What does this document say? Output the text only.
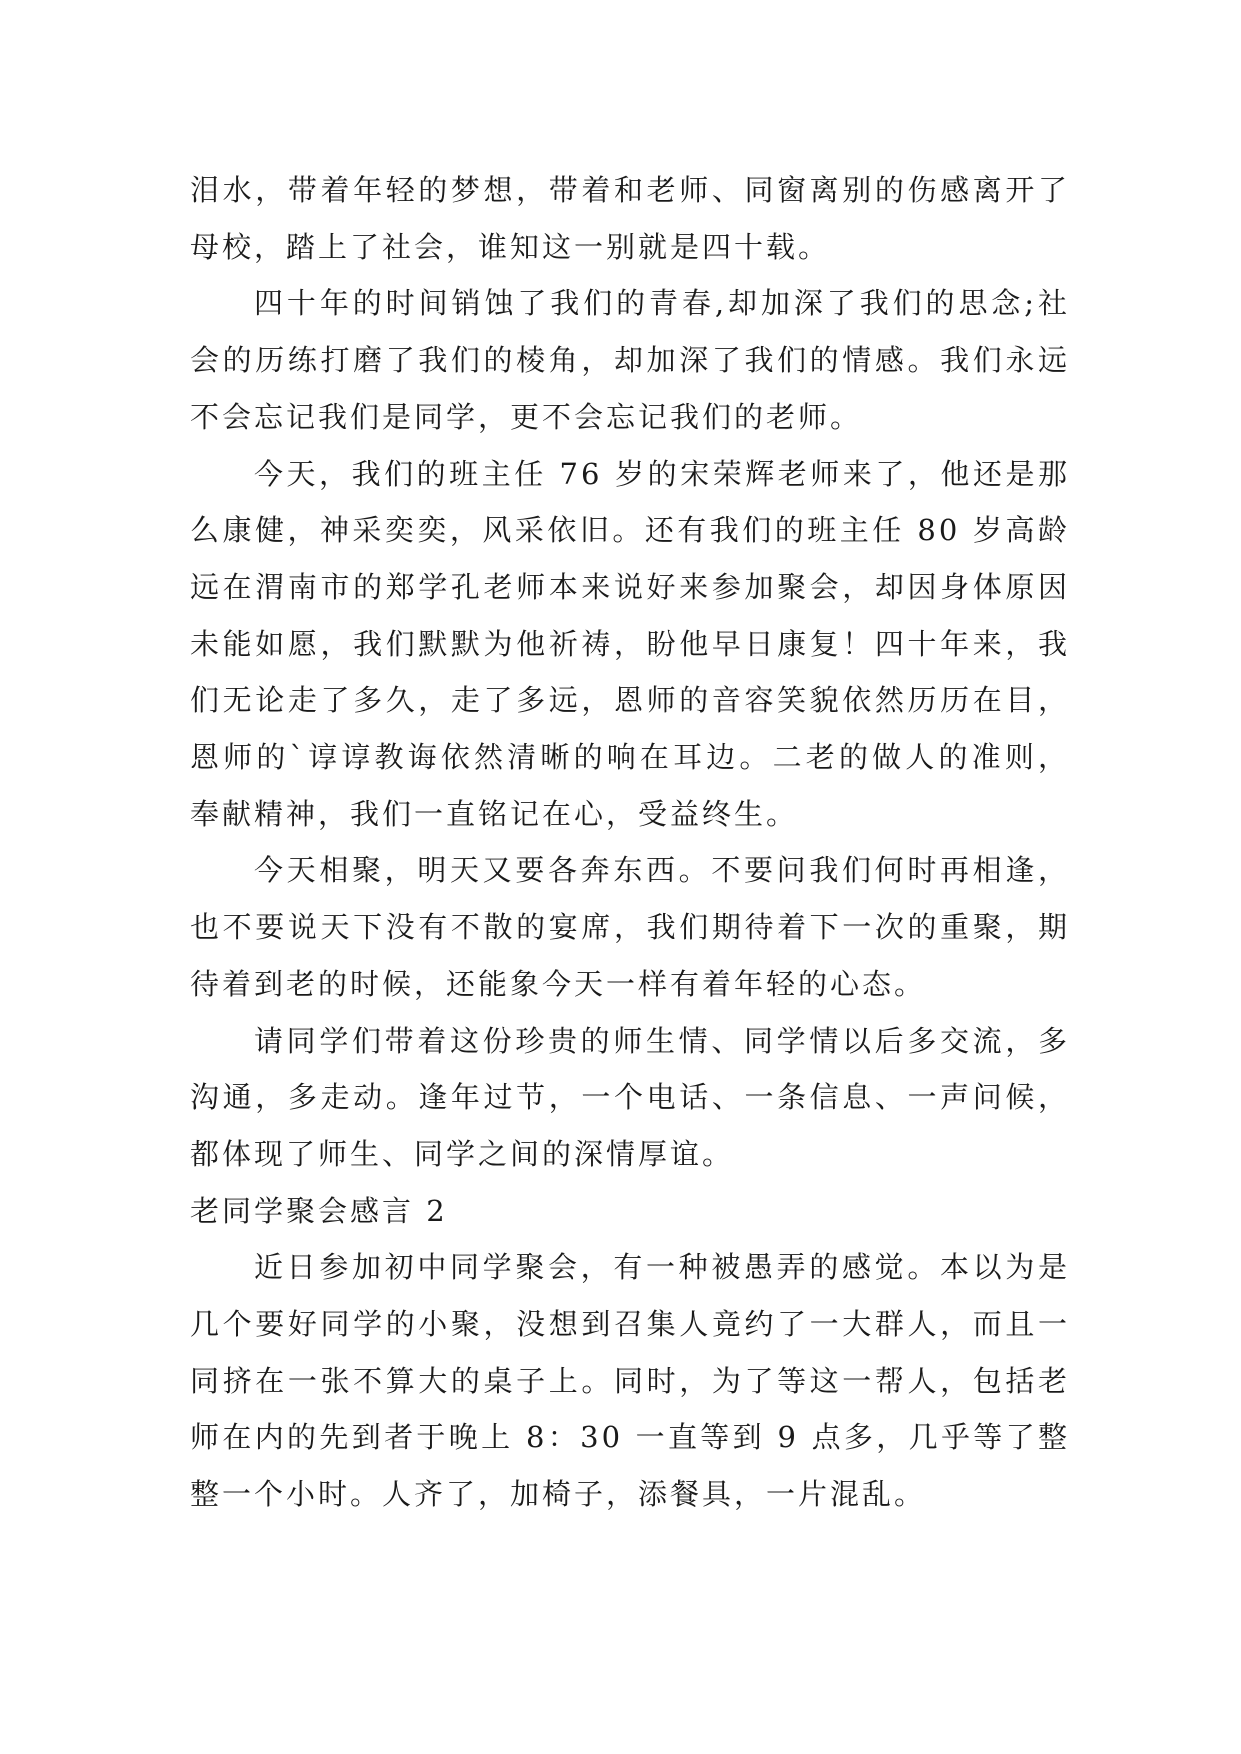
泪水，带着年轻的梦想，带着和老师、同窗离别的伤感离开了母校，踏上了社会，谁知这一别就是四十载。

四十年的时间销蚀了我们的青春,却加深了我们的思念;社会的历练打磨了我们的棱角，却加深了我们的情感。我们永远不会忘记我们是同学，更不会忘记我们的老师。

今天，我们的班主任 76 岁的宋荣辉老师来了，他还是那么康健，神采奕奕，风采依旧。还有我们的班主任 80 岁高龄远在渭南市的郑学孔老师本来说好来参加聚会，却因身体原因未能如愿，我们默默为他祈祷，盼他早日康复！四十年来，我们无论走了多久，走了多远，恩师的音容笑貌依然历历在目，恩师的`谆谆教诲依然清晰的响在耳边。二老的做人的准则，奉献精神，我们一直铭记在心，受益终生。

今天相聚，明天又要各奔东西。不要问我们何时再相逢，也不要说天下没有不散的宴席，我们期待着下一次的重聚，期待着到老的时候，还能象今天一样有着年轻的心态。

请同学们带着这份珍贵的师生情、同学情以后多交流，多沟通，多走动。逢年过节，一个电话、一条信息、一声问候，都体现了师生、同学之间的深情厚谊。

老同学聚会感言 2

近日参加初中同学聚会，有一种被愚弄的感觉。本以为是几个要好同学的小聚，没想到召集人竟约了一大群人，而且一同挤在一张不算大的桌子上。同时，为了等这一帮人，包括老师在内的先到者于晚上 8：30 一直等到 9 点多，几乎等了整整一个小时。人齐了，加椅子，添餐具，一片混乱。
